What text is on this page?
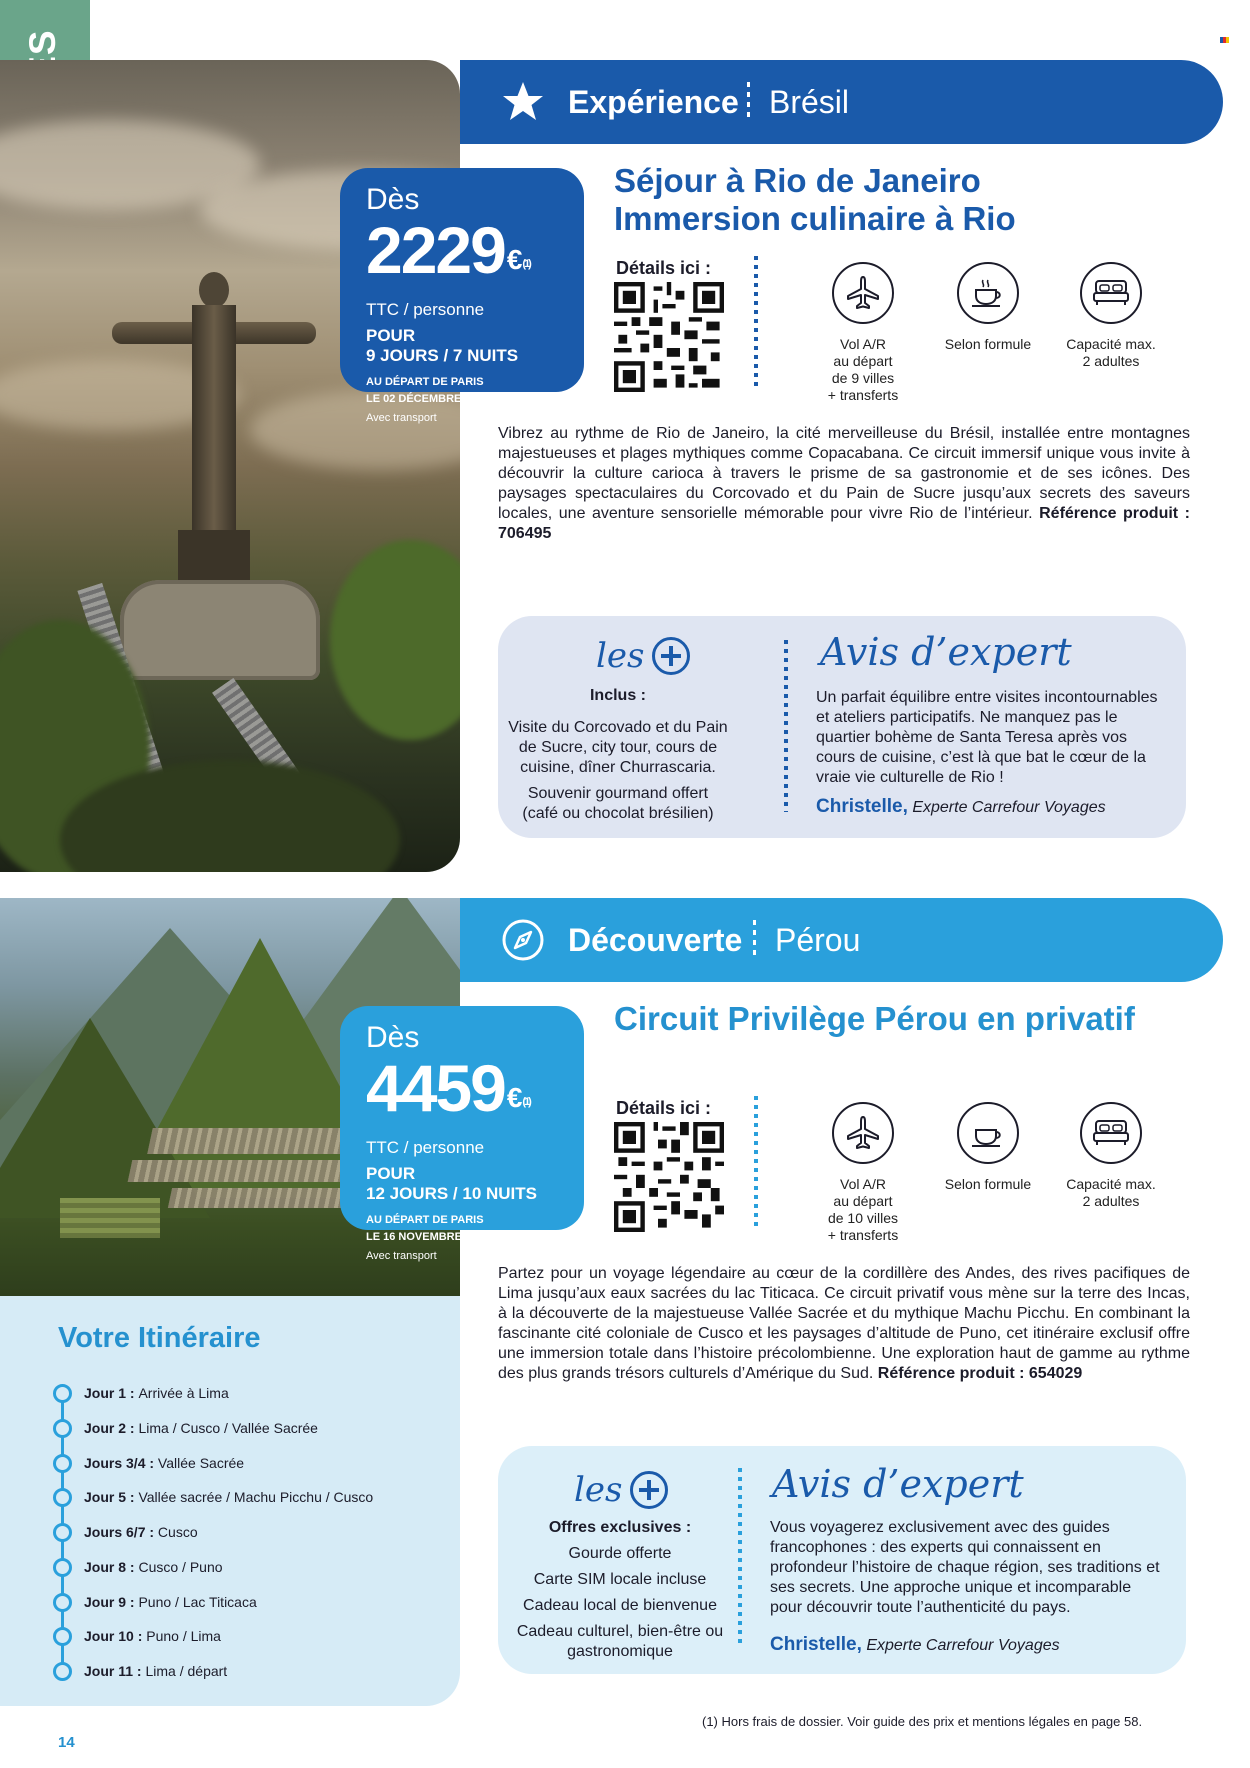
Expérience Brésil
Dès
2229 € (1)
TTC / personne
POUR
9 JOURS / 7 NUITS
AU DÉPART DE PARIS
LE 02 DÉCEMBRE 2026
Avec transport
Séjour à Rio de Janeiro
Immersion culinaire à Rio
Détails ici :
Vol A/R
au départ
de 9 villes
+ transferts
Selon formule	Capacité max.
2 adultes
Vibrez au rythme de Rio de Janeiro, la cité merveilleuse du Brésil, installée entre montagnes majestueuses et plages mythiques comme Copacabana. Ce circuit immersif unique vous invite à découvrir la culture carioca à travers le prisme de sa gastronomie et de ses icônes. Des paysages spectaculaires du Corcovado et du Pain de Sucre jusqu’aux secrets des saveurs locales, une aventure sensorielle mémorable pour vivre Rio de l’intérieur. Référence produit : 706495
les
Inclus :
Visite du Corcovado et du Pain de Sucre, city tour, cours de cuisine, dîner Churrascaria.
Souvenir gourmand offert (café ou chocolat brésilien)
Avis d’expert
Un parfait équilibre entre visites incontournables et ateliers participatifs. Ne manquez pas le quartier bohème de Santa Teresa après vos cours de cuisine, c’est là que bat le cœur de la vraie vie culturelle de Rio !
Christelle, Experte Carrefour Voyages
Découverte Pérou
Dès
4459 € (1)
TTC / personne
POUR
12 JOURS / 10 NUITS
AU DÉPART DE PARIS
LE 16 NOVEMBRE 2026
Avec transport
Circuit Privilège Pérou en privatif
Détails ici :
Vol A/R
au départ
de 10 villes
+ transferts
Selon formule	Capacité max.
2 adultes
Partez pour un voyage légendaire au cœur de la cordillère des Andes, des rives pacifiques de Lima jusqu’aux eaux sacrées du lac Titicaca. Ce circuit privatif vous mène sur la terre des Incas, à la découverte de la majestueuse Vallée Sacrée et du mythique Machu Picchu. En combinant la fascinante cité coloniale de Cusco et les paysages d’altitude de Puno, cet itinéraire exclusif offre une immersion totale dans l’histoire précolombienne. Une exploration haut de gamme au rythme des plus grands trésors culturels d’Amérique du Sud. Référence produit : 654029
les
Offres exclusives :
Gourde offerte
Carte SIM locale incluse
Cadeau local de bienvenue
Cadeau culturel, bien-être ou gastronomique
Avis d’expert
Vous voyagerez exclusivement avec des guides francophones : des experts qui connaissent en profondeur l’histoire de chaque région, ses traditions et ses secrets. Une approche unique et incomparable pour découvrir toute l’authenticité du pays.
Christelle, Experte Carrefour Voyages
Votre Itinéraire
Jour 1 :
Arrivée à Lima
Jour 2 :
Lima / Cusco / Vallée Sacrée
Jours 3/4 :
Vallée Sacrée
Jour 5 :
Vallée sacrée / Machu Picchu / Cusco
Jours 6/7 :
Cusco
Jour 8 :
Cusco / Puno
Jour 9 :
Puno / Lac Titicaca
Jour 10 :
Puno / Lima
Jour 11 :
Lima / départ
(1) Hors frais de dossier. Voir guide des prix et mentions légales en page 58.
14
